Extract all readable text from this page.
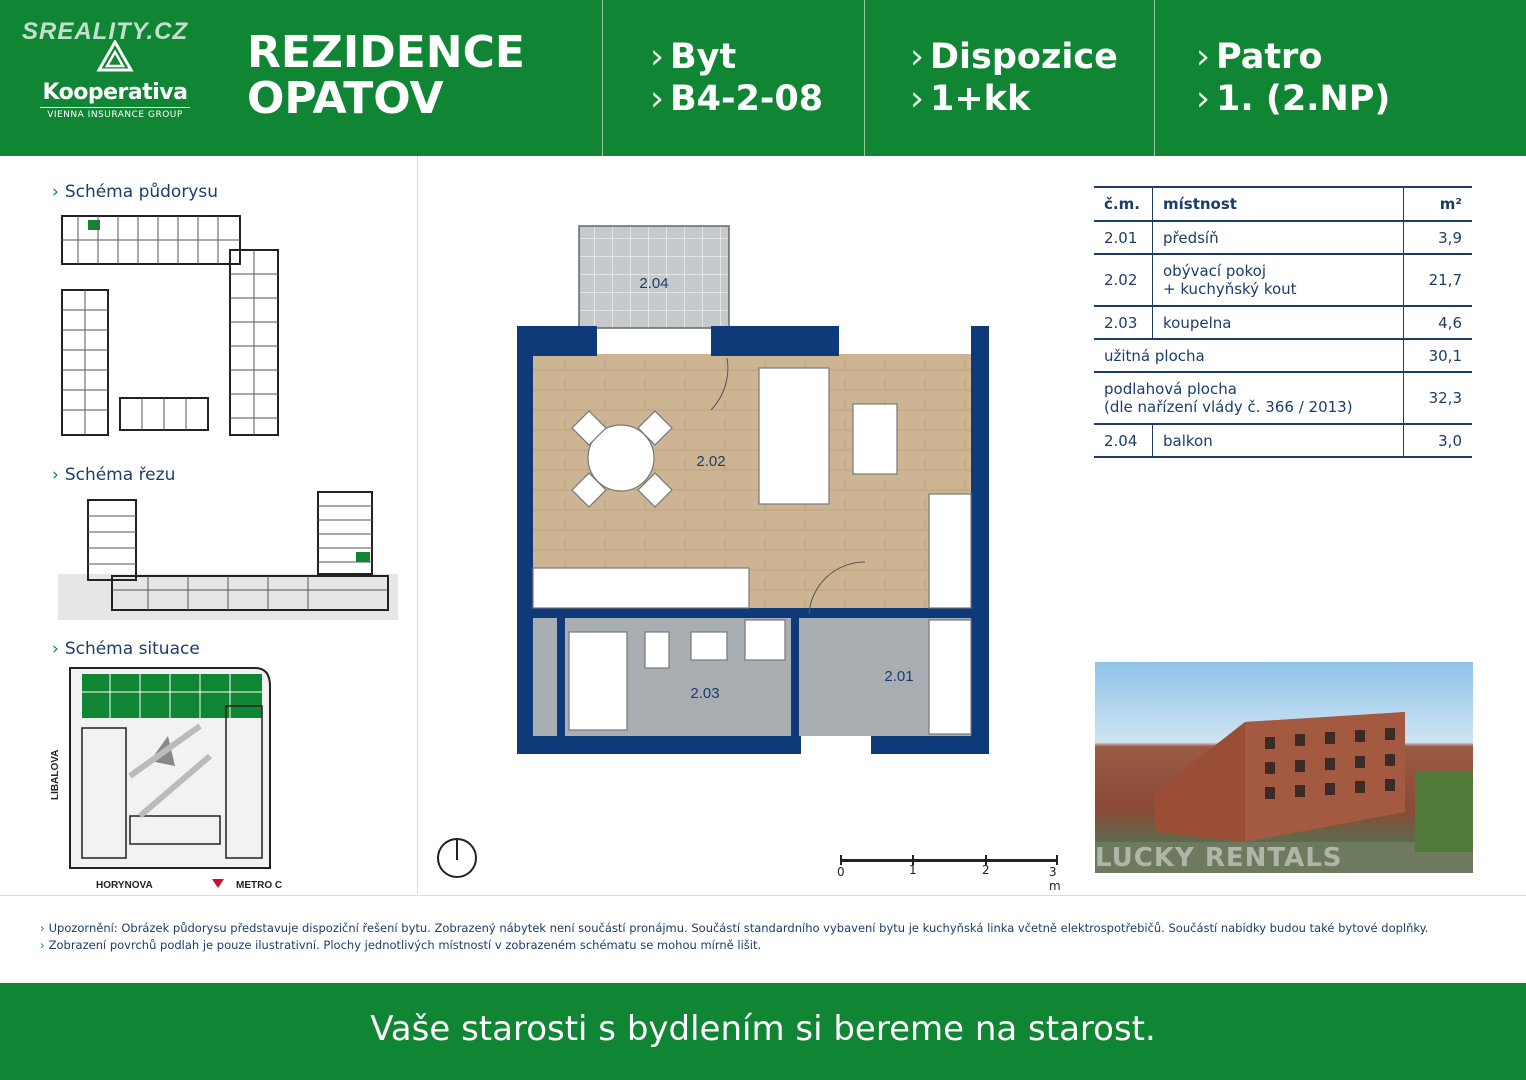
SREALITY.CZ
Kooperativa
VIENNA INSURANCE GROUP
REZIDENCE
OPATOV
› Byt
› B4-2-08
› Dispozice
› 1+kk
› Patro
› 1. (2.NP)
› Schéma půdorysu
› Schéma řezu
› Schéma situace
LÍBALOVA
HORYNOVA	METRO C
2.04
2.02
2.03
2.01
0	1	2	3 m
č.m.	místnost	m²
2.01	předsíň	3,9
2.02	obývací pokoj
+ kuchyňský kout	21,7
2.03	koupelna	4,6
užitná plocha		30,1

podlahová plocha
(dle nařízení vlády č. 366 / 2013)		32,3
2.04	balkon	3,0
LUCKY RENTALS
› Upozornění: Obrázek půdorysu představuje dispoziční řešení bytu. Zobrazený nábytek není součástí pronájmu. Součástí standardního vybavení bytu je kuchyňská linka včetně elektrospotřebičů. Součástí nabídky budou také bytové doplňky.
› Zobrazení povrchů podlah je pouze ilustrativní. Plochy jednotlivých místností v zobrazeném schématu se mohou mírně lišit.
Vaše starosti s bydlením si bereme na starost.
